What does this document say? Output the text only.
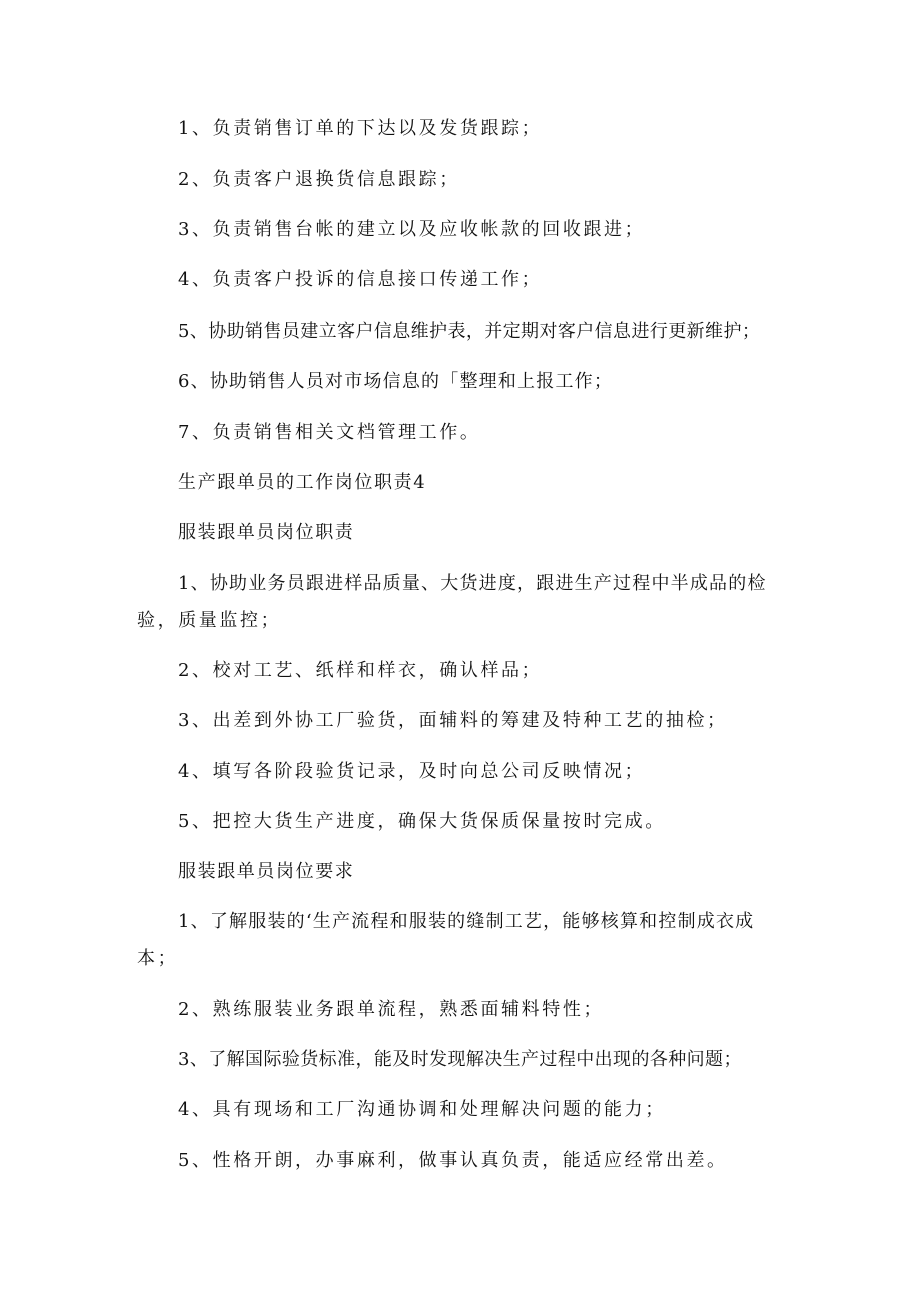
1、负责销售订单的下达以及发货跟踪；
2、负责客户退换货信息跟踪；
3、负责销售台帐的建立以及应收帐款的回收跟进；
4、负责客户投诉的信息接口传递工作；
5、协助销售员建立客户信息维护表，并定期对客户信息进行更新维护；
6、协助销售人员对市场信息的「整理和上报工作；
7、负责销售相关文档管理工作。
生产跟单员的工作岗位职责4
服装跟单员岗位职责
1、协助业务员跟进样品质量、大货进度，跟进生产过程中半成品的检
验，质量监控；
2、校对工艺、纸样和样衣，确认样品；
3、出差到外协工厂验货，面辅料的筹建及特种工艺的抽检；
4、填写各阶段验货记录，及时向总公司反映情况；
5、把控大货生产进度，确保大货保质保量按时完成。
服装跟单员岗位要求
1、了解服装的‘生产流程和服装的缝制工艺，能够核算和控制成衣成
本；
2、熟练服装业务跟单流程，熟悉面辅料特性；
3、了解国际验货标准，能及时发现解决生产过程中出现的各种问题；
4、具有现场和工厂沟通协调和处理解决问题的能力；
5、性格开朗，办事麻利，做事认真负责，能适应经常出差。
